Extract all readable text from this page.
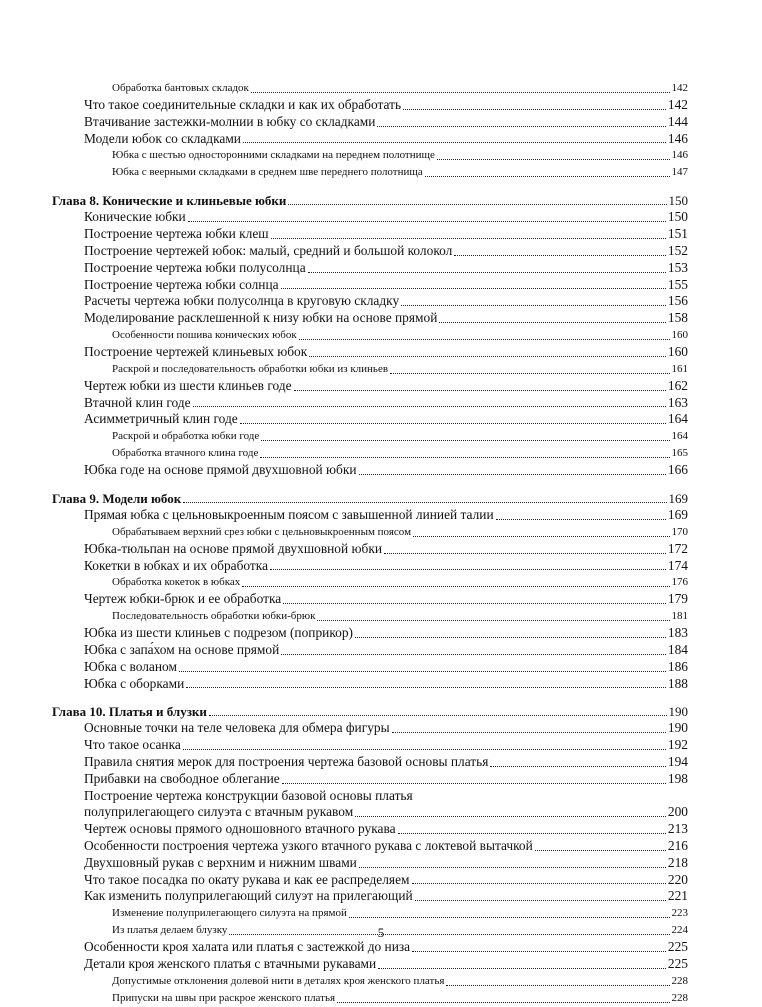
Обработка бантовых складок	142
Что такое соединительные складки и как их обработать	142
Втачивание застежки-молнии в юбку со складками	144
Модели юбок со складками	146
Юбка с шестью односторонними складками на переднем полотнище	146
Юбка с веерными складками в среднем шве переднего полотнища	147
Глава 8. Конические и клиньевые юбки	150
Конические юбки	150
Построение чертежа юбки клеш	151
Построение чертежей юбок: малый, средний и большой колокол	152
Построение чертежа юбки полусолнца	153
Построение чертежа юбки солнца	155
Расчеты чертежа юбки полусолнца в круговую складку	156
Моделирование расклешенной к низу юбки на основе прямой	158
Особенности пошива конических юбок	160
Построение чертежей клиньевых юбок	160
Раскрой и последовательность обработки юбки из клиньев	161
Чертеж юбки из шести клиньев годе	162
Втачной клин годе	163
Асимметричный клин годе	164
Раскрой и обработка юбки годе	164
Обработка втачного клина годе	165
Юбка годе на основе прямой двухшовной юбки	166
Глава 9. Модели юбок	169
Прямая юбка с цельновыкроенным поясом с завышенной линией талии	169
Обрабатываем верхний срез юбки с цельновыкроенным поясом	170
Юбка-тюльпан на основе прямой двухшовной юбки	172
Кокетки в юбках и их обработка	174
Обработка кокеток в юбках	176
Чертеж юбки-брюк и ее обработка	179
Последовательность обработки юбки-брюк	181
Юбка из шести клиньев с подрезом (поприкор)	183
Юбка с запа́хом на основе прямой	184
Юбка с воланом	186
Юбка с оборками	188
Глава 10. Платья и блузки	190
Основные точки на теле человека для обмера фигуры	190
Что такое осанка	192
Правила снятия мерок для построения чертежа базовой основы платья	194
Прибавки на свободное облегание	198
Построение чертежа конструкции базовой основы платья
полуприлегающего силуэта с втачным рукавом	200
Чертеж основы прямого одношовного втачного рукава	213
Особенности построения чертежа узкого втачного рукава с локтевой вытачкой	216
Двухшовный рукав с верхним и нижним швами	218
Что такое посадка по окату рукава и как ее распределяем	220
Как изменить полуприлегающий силуэт на прилегающий	221
Изменение полуприлегающего силуэта на прямой	223
Из платья делаем блузку	224
Особенности кроя халата или платья с застежкой до низа	225
Детали кроя женского платья с втачными рукавами	225
Допустимые отклонения долевой нити в деталях кроя женского платья	228
Припуски на швы при раскрое женского платья	228
5
